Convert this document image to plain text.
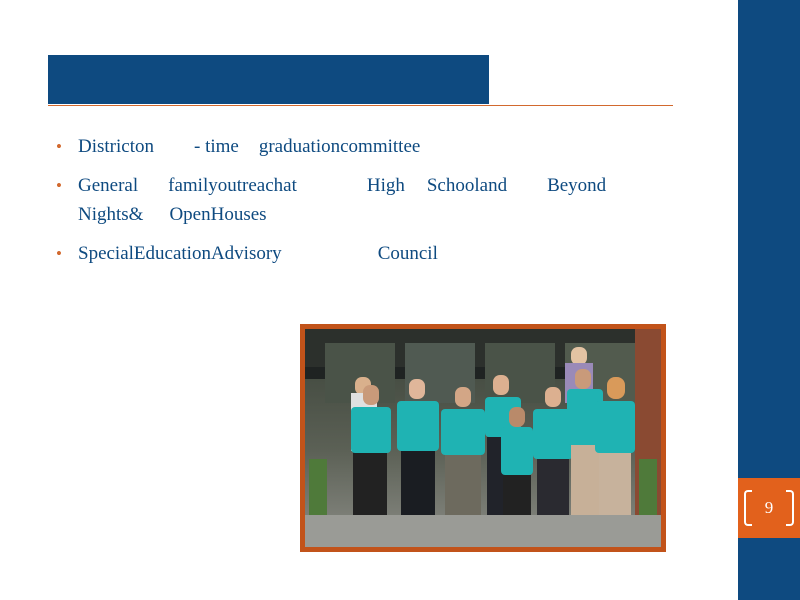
• Districton - time graduationcommittee
• General familyoutreachat	High Schooland Beyond
Nights& OpenHouses
• SpecialEducationAdvisory	Council
9
